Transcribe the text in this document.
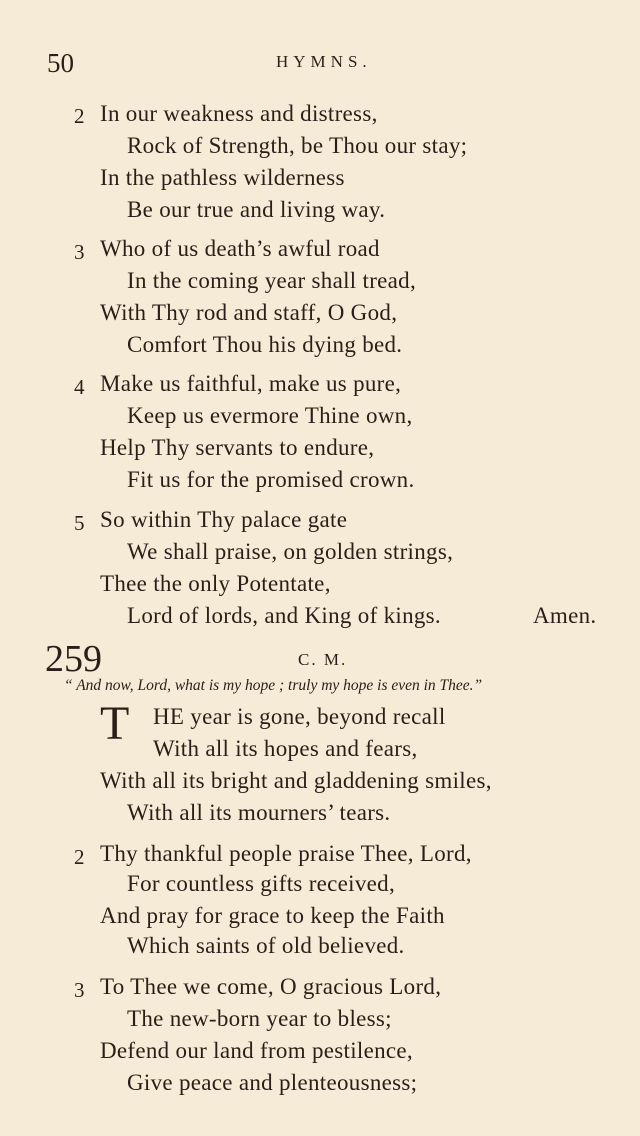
50	HYMNS.
2 In our weakness and distress,
Rock of Strength, be Thou our stay;
In the pathless wilderness
Be our true and living way.
3 Who of us death’s awful road
In the coming year shall tread,
With Thy rod and staff, O God,
Comfort Thou his dying bed.
4 Make us faithful, make us pure,
Keep us evermore Thine own,
Help Thy servants to endure,
Fit us for the promised crown.
5 So within Thy palace gate
We shall praise, on golden strings,
Thee the only Potentate,
Lord of lords, and King of kings.	Amen.
259	C. M.
“ And now, Lord, what is my hope ; truly my hope is even in Thee.”
T HE year is gone, beyond recall
With all its hopes and fears,
With all its bright and gladdening smiles,
With all its mourners’ tears.
2 Thy thankful people praise Thee, Lord,
For countless gifts received,
And pray for grace to keep the Faith
Which saints of old believed.
3 To Thee we come, O gracious Lord,
The new-born year to bless;
Defend our land from pestilence,
Give peace and plenteousness;
